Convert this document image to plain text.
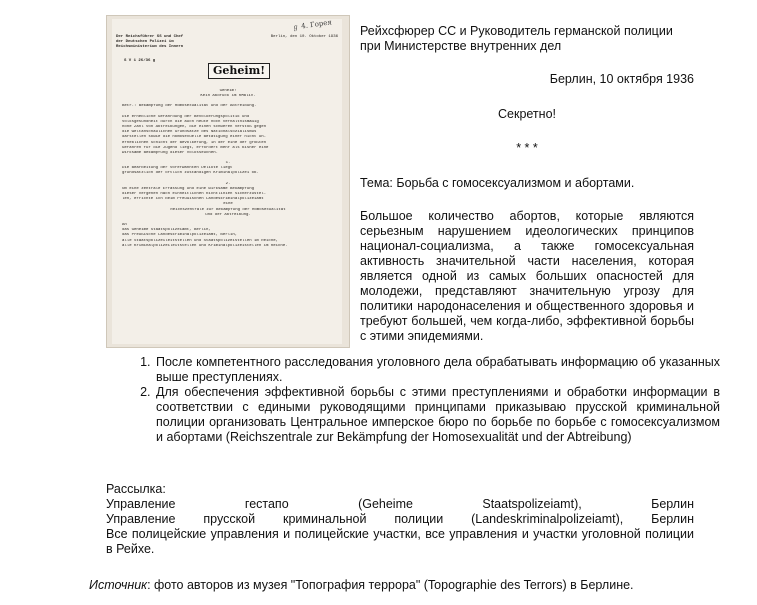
ℊ 4. Горея
Der Reichsführer SS und Chef
der Deutschen Polizei im
Reichsministerium des Innern
Berlin, den 10. Oktober 1936
S V 1 26/36 g
Geheim!
Geheim!
Kein Abdruck im RMBliV.
Betr.: Bekämpfung der Homosexualität und der Abtreibung.
Die erhebliche Gefährdung der Bevölkerungspolitik und
Volksgesundheit durch die auch heute noch verhältnismäßig
hohe Zahl von Abtreibungen, die einen schweren Verstoß gegen
die weltanschaulichen Grundsätze des Nationalsozialismus
darstellen sowie die homosexuelle Betätigung einer nicht un-
erheblichen Schicht der Bevölkerung, in der eine der größten
Gefahren für die Jugend liegt, erfordert mehr als bisher eine
wirksame Bekämpfung dieser Volksseuchen.
1.
Die Bearbeitung der vorerwähnten Delikte liegt
grundsätzlich der örtlich zuständigen Kriminalpolizei ob.
2.
Um eine zentrale Erfassung und eine wirksame Bekämpfung
dieser Vergehen nach einheitlichen Richtlinien sicherzustel-
len, errichte ich beim Preußischen Landeskriminalpolizeiamt
eine
Reichszentrale zur Bekämpfung der Homosexualität
und der Abtreibung.
An
das Geheime Staatspolizeiamt, Berlin,
das Preußische Landeskriminalpolizeiamt, Berlin,
alle Staatspolizeileitstellen und Staatspolizeistellen im Reiche,
alle Kriminalpolizeileitstellen und Kriminalpolizeistellen im Reiche.
Рейхсфюрер СС и Руководитель германской полиции при Министерстве внутренних дел
Берлин, 10 октября 1936
Секретно!
* * *
Тема: Борьба с гомосексуализмом и абортами.
Большое количество абортов, которые являются серьезным нарушением идеологических принципов национал-социализма, а также гомосексуальная активность значительной части населения, которая является одной из самых больших опасностей для молодежи, представляют значительную угрозу для политики народонаселения и общественного здоровья и требуют большей, чем когда-либо, эффективной борьбы с этими эпидемиями.
1. После компетентного расследования уголовного дела обрабатывать информацию об указанных выше преступлениях.
2. Для обеспечения эффективной борьбы с этими преступлениями и обработки информации в соответствии с едиными руководящими принципами приказываю прусской криминальной полиции организовать Центральное имперское бюро по борьбе по борьбе с гомосексуализмом и абортами (Reichszentrale zur Bekämpfung der Homosexualität und der Abtreibung)
Рассылка:
Управление	гестапо	(Geheime	Staatspolizeiamt),	Берлин
Управление прусской криминальной полиции (Landeskriminalpolizeiamt), Берлин
Все полицейские управления и полицейские участки, все управления и участки уголовной полиции в Рейхе.
Источник: фото авторов из музея "Топография террора" (Topographie des Terrors) в Берлине.
